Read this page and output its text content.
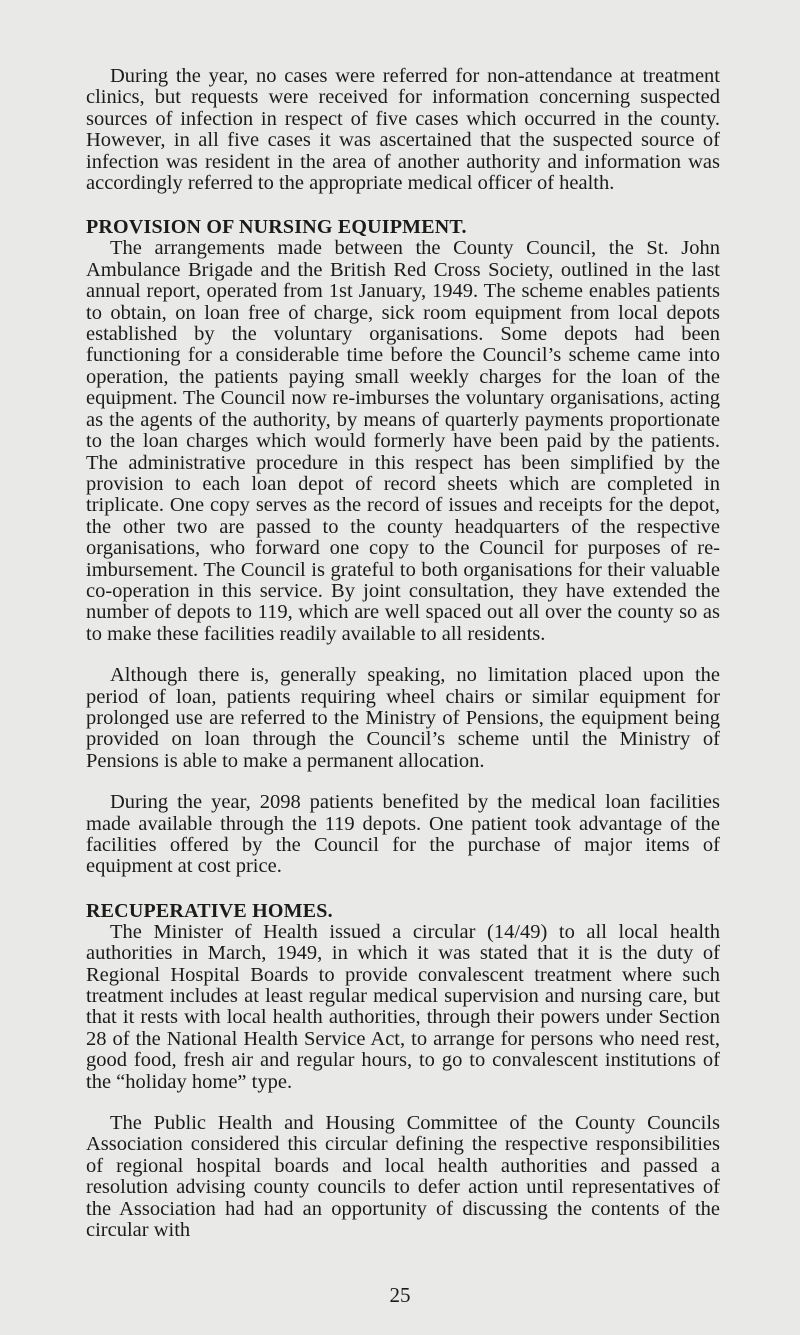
During the year, no cases were referred for non-attendance at treatment clinics, but requests were received for information concerning suspected sources of infection in respect of five cases which occurred in the county. However, in all five cases it was ascertained that the suspected source of infection was resident in the area of another authority and information was accordingly referred to the appropriate medical officer of health.

PROVISION OF NURSING EQUIPMENT.

The arrangements made between the County Council, the St. John Ambulance Brigade and the British Red Cross Society, outlined in the last annual report, operated from 1st January, 1949. The scheme enables patients to obtain, on loan free of charge, sick room equipment from local depots established by the voluntary organisations. Some depots had been functioning for a considerable time before the Council’s scheme came into operation, the patients paying small weekly charges for the loan of the equipment. The Council now re-imburses the voluntary organisations, acting as the agents of the authority, by means of quarterly payments proportionate to the loan charges which would formerly have been paid by the patients. The administrative procedure in this respect has been simplified by the provision to each loan depot of record sheets which are completed in triplicate. One copy serves as the record of issues and receipts for the depot, the other two are passed to the county headquarters of the respective organisations, who forward one copy to the Council for purposes of re-imbursement. The Council is grateful to both organisations for their valuable co-operation in this service. By joint consultation, they have extended the number of depots to 119, which are well spaced out all over the county so as to make these facilities readily available to all residents.

Although there is, generally speaking, no limitation placed upon the period of loan, patients requiring wheel chairs or similar equipment for prolonged use are referred to the Ministry of Pensions, the equipment being provided on loan through the Council’s scheme until the Ministry of Pensions is able to make a permanent allocation.

During the year, 2098 patients benefited by the medical loan facilities made available through the 119 depots. One patient took advantage of the facilities offered by the Council for the purchase of major items of equipment at cost price.

RECUPERATIVE HOMES.

The Minister of Health issued a circular (14/49) to all local health authorities in March, 1949, in which it was stated that it is the duty of Regional Hospital Boards to provide convalescent treatment where such treatment includes at least regular medical supervision and nursing care, but that it rests with local health authorities, through their powers under Section 28 of the National Health Service Act, to arrange for persons who need rest, good food, fresh air and regular hours, to go to convalescent institutions of the “holiday home” type.

The Public Health and Housing Committee of the County Councils Association considered this circular defining the respective responsibilities of regional hospital boards and local health authorities and passed a resolution advising county councils to defer action until representatives of the Association had had an opportunity of discussing the contents of the circular with

25
